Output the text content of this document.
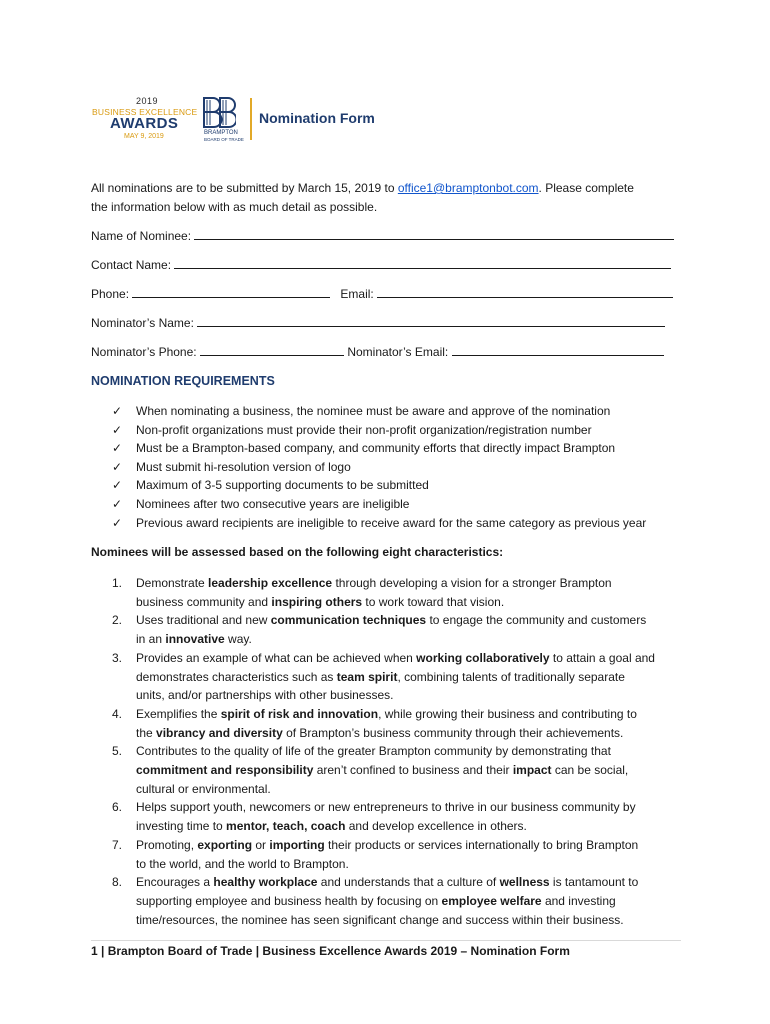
2019
BUSINESS EXCELLENCE
AWARDS
MAY 9, 2019	BRAMPTON
BOARD OF TRADE
Nomination Form
All nominations are to be submitted by March 15, 2019 to office1@bramptonbot.com. Please complete
the information below with as much detail as possible.
Name of Nominee:
Contact Name:
Phone:	Email:
Nominator’s Name:
Nominator’s Phone:	Nominator’s Email:
NOMINATION REQUIREMENTS
✓ When nominating a business, the nominee must be aware and approve of the nomination
✓ Non-profit organizations must provide their non-profit organization/registration number
✓ Must be a Brampton-based company, and community efforts that directly impact Brampton
✓ Must submit hi-resolution version of logo
✓ Maximum of 3-5 supporting documents to be submitted
✓ Nominees after two consecutive years are ineligible
✓ Previous award recipients are ineligible to receive award for the same category as previous year
Nominees will be assessed based on the following eight characteristics:
1. Demonstrate leadership excellence through developing a vision for a stronger Brampton
business community and inspiring others to work toward that vision.
2. Uses traditional and new communication techniques to engage the community and customers
in an innovative way.
3. Provides an example of what can be achieved when working collaboratively to attain a goal and
demonstrates characteristics such as team spirit, combining talents of traditionally separate
units, and/or partnerships with other businesses.
4. Exemplifies the spirit of risk and innovation, while growing their business and contributing to
the vibrancy and diversity of Brampton’s business community through their achievements.
5. Contributes to the quality of life of the greater Brampton community by demonstrating that
commitment and responsibility aren’t confined to business and their impact can be social,
cultural or environmental.
6. Helps support youth, newcomers or new entrepreneurs to thrive in our business community by
investing time to mentor, teach, coach and develop excellence in others.
7. Promoting, exporting or importing their products or services internationally to bring Brampton
to the world, and the world to Brampton.
8. Encourages a healthy workplace and understands that a culture of wellness is tantamount to
supporting employee and business health by focusing on employee welfare and investing
time/resources, the nominee has seen significant change and success within their business.
1 | Brampton Board of Trade | Business Excellence Awards 2019 – Nomination Form
